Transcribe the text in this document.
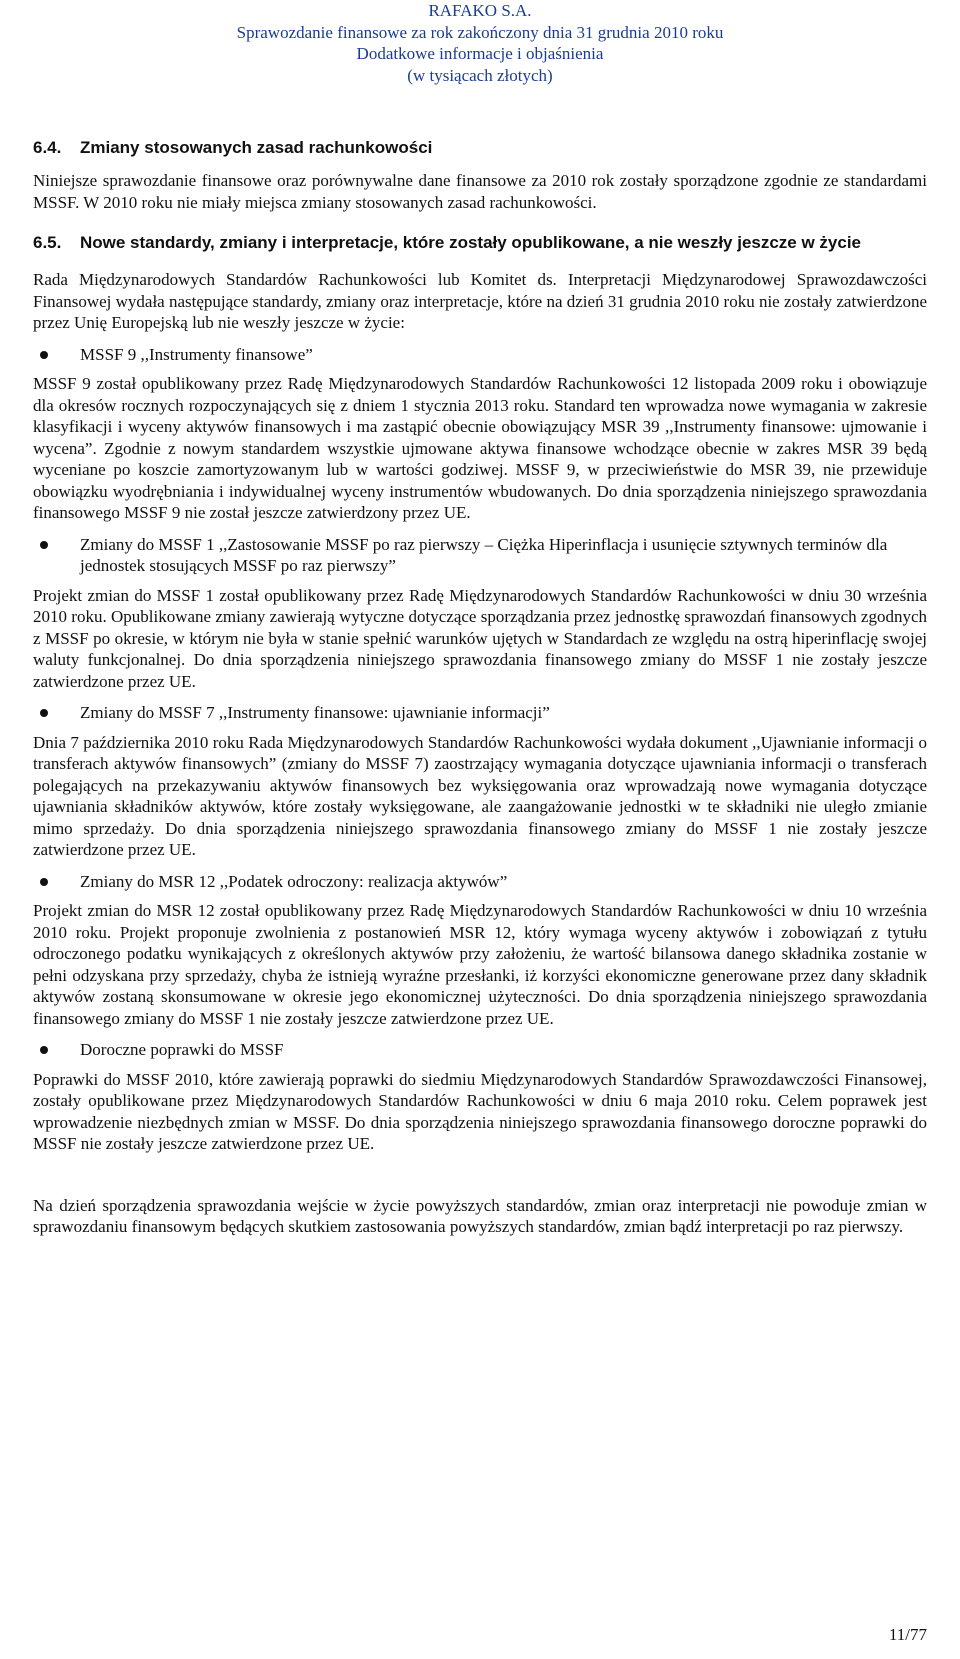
RAFAKO S.A.
Sprawozdanie finansowe za rok zakończony dnia 31 grudnia 2010 roku
Dodatkowe informacje i objaśnienia
(w tysiącach złotych)
6.4.	Zmiany stosowanych zasad rachunkowości

Niniejsze sprawozdanie finansowe oraz porównywalne dane finansowe za 2010 rok zostały sporządzone zgodnie ze standardami MSSF. W 2010 roku nie miały miejsca zmiany stosowanych zasad rachunkowości.

6.5.	Nowe standardy, zmiany i interpretacje, które zostały opublikowane, a nie weszły jeszcze w życie

Rada Międzynarodowych Standardów Rachunkowości lub Komitet ds. Interpretacji Międzynarodowej Sprawozdawczości Finansowej wydała następujące standardy, zmiany oraz interpretacje, które na dzień 31 grudnia 2010 roku nie zostały zatwierdzone przez Unię Europejską lub nie weszły jeszcze w życie:

MSSF 9 ,,Instrumenty finansowe”

MSSF 9 został opublikowany przez Radę Międzynarodowych Standardów Rachunkowości 12 listopada 2009 roku i obowiązuje dla okresów rocznych rozpoczynających się z dniem 1 stycznia 2013 roku. Standard ten wprowadza nowe wymagania w zakresie klasyfikacji i wyceny aktywów finansowych i ma zastąpić obecnie obowiązujący MSR 39 ,,Instrumenty finansowe: ujmowanie i wycena”. Zgodnie z nowym standardem wszystkie ujmowane aktywa finansowe wchodzące obecnie w zakres MSR 39 będą wyceniane po koszcie zamortyzowanym lub w wartości godziwej. MSSF 9, w przeciwieństwie do MSR 39, nie przewiduje obowiązku wyodrębniania i indywidualnej wyceny instrumentów wbudowanych. Do dnia sporządzenia niniejszego sprawozdania finansowego MSSF 9 nie został jeszcze zatwierdzony przez UE.

Zmiany do MSSF 1 ,,Zastosowanie MSSF po raz pierwszy – Ciężka Hiperinflacja i usunięcie sztywnych terminów dla jednostek stosujących MSSF po raz pierwszy”

Projekt zmian do MSSF 1 został opublikowany przez Radę Międzynarodowych Standardów Rachunkowości w dniu 30 września 2010 roku. Opublikowane zmiany zawierają wytyczne dotyczące sporządzania przez jednostkę sprawozdań finansowych zgodnych z MSSF po okresie, w którym nie była w stanie spełnić warunków ujętych w Standardach ze względu na ostrą hiperinflację swojej waluty funkcjonalnej. Do dnia sporządzenia niniejszego sprawozdania finansowego zmiany do MSSF 1 nie zostały jeszcze zatwierdzone przez UE.

Zmiany do MSSF 7 ,,Instrumenty finansowe: ujawnianie informacji”

Dnia 7 października 2010 roku Rada Międzynarodowych Standardów Rachunkowości wydała dokument ,,Ujawnianie informacji o transferach aktywów finansowych” (zmiany do MSSF 7) zaostrzający wymagania dotyczące ujawniania informacji o transferach polegających na przekazywaniu aktywów finansowych bez wyksięgowania oraz wprowadzają nowe wymagania dotyczące ujawniania składników aktywów, które zostały wyksięgowane, ale zaangażowanie jednostki w te składniki nie uległo zmianie mimo sprzedaży. Do dnia sporządzenia niniejszego sprawozdania finansowego zmiany do MSSF 1 nie zostały jeszcze zatwierdzone przez UE.

Zmiany do MSR 12 ,,Podatek odroczony: realizacja aktywów”

Projekt zmian do MSR 12 został opublikowany przez Radę Międzynarodowych Standardów Rachunkowości w dniu 10 września 2010 roku. Projekt proponuje zwolnienia z postanowień MSR 12, który wymaga wyceny aktywów i zobowiązań z tytułu odroczonego podatku wynikających z określonych aktywów przy założeniu, że wartość bilansowa danego składnika zostanie w pełni odzyskana przy sprzedaży, chyba że istnieją wyraźne przesłanki, iż korzyści ekonomiczne generowane przez dany składnik aktywów zostaną skonsumowane w okresie jego ekonomicznej użyteczności. Do dnia sporządzenia niniejszego sprawozdania finansowego zmiany do MSSF 1 nie zostały jeszcze zatwierdzone przez UE.

Doroczne poprawki do MSSF

Poprawki do MSSF 2010, które zawierają poprawki do siedmiu Międzynarodowych Standardów Sprawozdawczości Finansowej, zostały opublikowane przez Międzynarodowych Standardów Rachunkowości w dniu 6 maja 2010 roku. Celem poprawek jest wprowadzenie niezbędnych zmian w MSSF. Do dnia sporządzenia niniejszego sprawozdania finansowego doroczne poprawki do MSSF nie zostały jeszcze zatwierdzone przez UE.

Na dzień sporządzenia sprawozdania wejście w życie powyższych standardów, zmian oraz interpretacji nie powoduje zmian w sprawozdaniu finansowym będących skutkiem zastosowania powyższych standardów, zmian bądź interpretacji po raz pierwszy.

11/77
